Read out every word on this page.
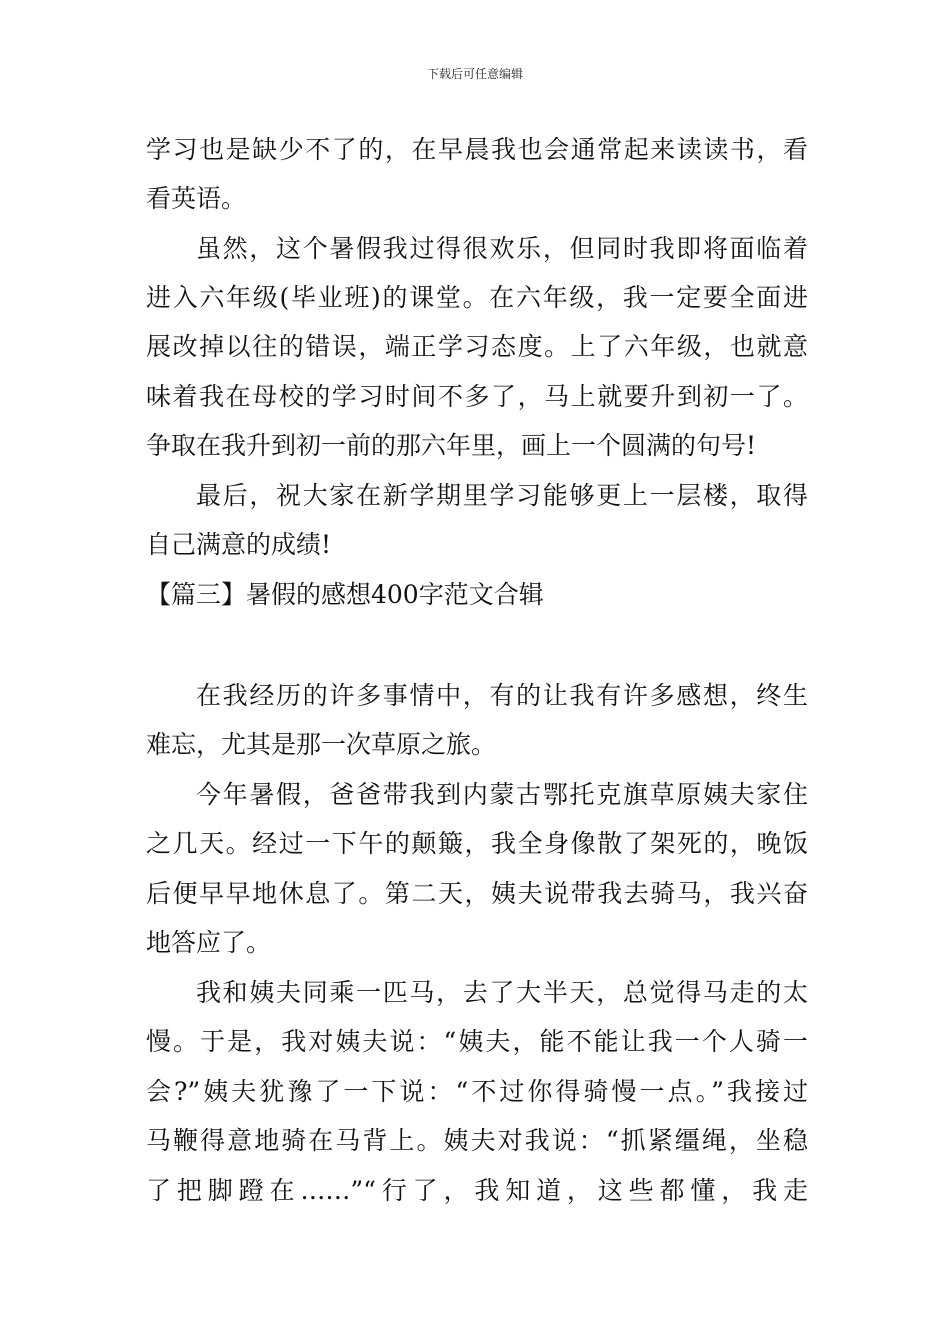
下载后可任意编辑
学习也是缺少不了的，在早晨我也会通常起来读读书，看
看英语。
虽然，这个暑假我过得很欢乐，但同时我即将面临着
进入六年级(毕业班)的课堂。在六年级，我一定要全面进
展改掉以往的错误，端正学习态度。上了六年级，也就意
味着我在母校的学习时间不多了，马上就要升到初一了。
争取在我升到初一前的那六年里，画上一个圆满的句号!
最后，祝大家在新学期里学习能够更上一层楼，取得
自己满意的成绩!
【篇三】暑假的感想400字范文合辑
在我经历的许多事情中，有的让我有许多感想，终生
难忘，尤其是那一次草原之旅。
今年暑假，爸爸带我到内蒙古鄂托克旗草原姨夫家住
之几天。经过一下午的颠簸，我全身像散了架死的，晚饭
后便早早地休息了。第二天，姨夫说带我去骑马，我兴奋
地答应了。
我和姨夫同乘一匹马，去了大半天，总觉得马走的太
慢。于是，我对姨夫说：“姨夫，能不能让我一个人骑一
会?”姨夫犹豫了一下说：“不过你得骑慢一点。”我接过
马鞭得意地骑在马背上。姨夫对我说：“抓紧缰绳，坐稳
了把脚蹬在……”“行了，我知道，这些都懂，我走
